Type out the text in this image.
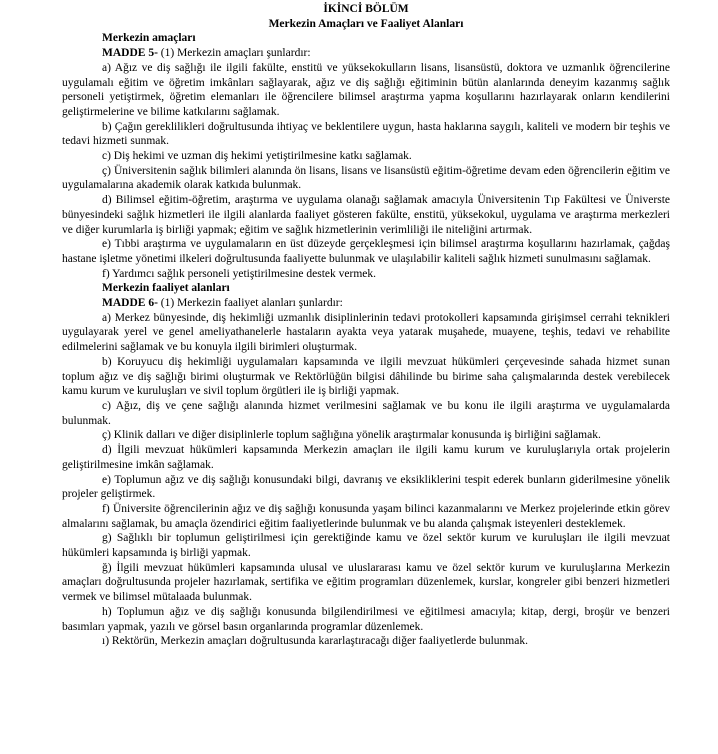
İKİNCİ BÖLÜM

Merkezin Amaçları ve Faaliyet Alanları

Merkezin amaçları

MADDE 5- (1) Merkezin amaçları şunlardır:

a) Ağız ve diş sağlığı ile ilgili fakülte, enstitü ve yüksekokulların lisans, lisansüstü, doktora ve uzmanlık öğrencilerine uygulamalı eğitim ve öğretim imkânları sağlayarak, ağız ve diş sağlığı eğitiminin bütün alanlarında deneyim kazanmış sağlık personeli yetiştirmek, öğretim elemanları ile öğrencilere bilimsel araştırma yapma koşullarını hazırlayarak onların kendilerini geliştirmelerine ve bilime katkılarını sağlamak.

b) Çağın gereklilikleri doğrultusunda ihtiyaç ve beklentilere uygun, hasta haklarına saygılı, kaliteli ve modern bir teşhis ve tedavi hizmeti sunmak.

c) Diş hekimi ve uzman diş hekimi yetiştirilmesine katkı sağlamak.

ç) Üniversitenin sağlık bilimleri alanında ön lisans, lisans ve lisansüstü eğitim-öğretime devam eden öğrencilerin eğitim ve uygulamalarına akademik olarak katkıda bulunmak.

d) Bilimsel eğitim-öğretim, araştırma ve uygulama olanağı sağlamak amacıyla Üniversitenin Tıp Fakültesi ve Üniverste bünyesindeki sağlık hizmetleri ile ilgili alanlarda faaliyet gösteren fakülte, enstitü, yüksekokul, uygulama ve araştırma merkezleri ve diğer kurumlarla iş birliği yapmak; eğitim ve sağlık hizmetlerinin verimliliği ile niteliğini artırmak.

e) Tıbbi araştırma ve uygulamaların en üst düzeyde gerçekleşmesi için bilimsel araştırma koşullarını hazırlamak, çağdaş hastane işletme yönetimi ilkeleri doğrultusunda faaliyette bulunmak ve ulaşılabilir kaliteli sağlık hizmeti sunulmasını sağlamak.

f) Yardımcı sağlık personeli yetiştirilmesine destek vermek.

Merkezin faaliyet alanları

MADDE 6- (1) Merkezin faaliyet alanları şunlardır:

a) Merkez bünyesinde, diş hekimliği uzmanlık disiplinlerinin tedavi protokolleri kapsamında girişimsel cerrahi teknikleri uygulayarak yerel ve genel ameliyathanelerle hastaların ayakta veya yatarak muşahede, muayene, teşhis, tedavi ve rehabilite edilmelerini sağlamak ve bu konuyla ilgili birimleri oluşturmak.

b) Koruyucu diş hekimliği uygulamaları kapsamında ve ilgili mevzuat hükümleri çerçevesinde sahada hizmet sunan toplum ağız ve diş sağlığı birimi oluşturmak ve Rektörlüğün bilgisi dâhilinde bu birime saha çalışmalarında destek verebilecek kamu kurum ve kuruluşları ve sivil toplum örgütleri ile iş birliği yapmak.

c) Ağız, diş ve çene sağlığı alanında hizmet verilmesini sağlamak ve bu konu ile ilgili araştırma ve uygulamalarda bulunmak.

ç) Klinik dalları ve diğer disiplinlerle toplum sağlığına yönelik araştırmalar konusunda iş birliğini sağlamak.

d) İlgili mevzuat hükümleri kapsamında Merkezin amaçları ile ilgili kamu kurum ve kuruluşlarıyla ortak projelerin geliştirilmesine imkân sağlamak.

e) Toplumun ağız ve diş sağlığı konusundaki bilgi, davranış ve eksikliklerini tespit ederek bunların giderilmesine yönelik projeler geliştirmek.

f) Üniversite öğrencilerinin ağız ve diş sağlığı konusunda yaşam bilinci kazanmalarını ve Merkez projelerinde etkin görev almalarını sağlamak, bu amaçla özendirici eğitim faaliyetlerinde bulunmak ve bu alanda çalışmak isteyenleri desteklemek.

g) Sağlıklı bir toplumun geliştirilmesi için gerektiğinde kamu ve özel sektör kurum ve kuruluşları ile ilgili mevzuat hükümleri kapsamında iş birliği yapmak.

ğ) İlgili mevzuat hükümleri kapsamında ulusal ve uluslararası kamu ve özel sektör kurum ve kuruluşlarına Merkezin amaçları doğrultusunda projeler hazırlamak, sertifika ve eğitim programları düzenlemek, kurslar, kongreler gibi benzeri hizmetleri vermek ve bilimsel mütalaada bulunmak.

h) Toplumun ağız ve diş sağlığı konusunda bilgilendirilmesi ve eğitilmesi amacıyla; kitap, dergi, broşür ve benzeri basımları yapmak, yazılı ve görsel basın organlarında programlar düzenlemek.

ı) Rektörün, Merkezin amaçları doğrultusunda kararlaştıracağı diğer faaliyetlerde bulunmak.
